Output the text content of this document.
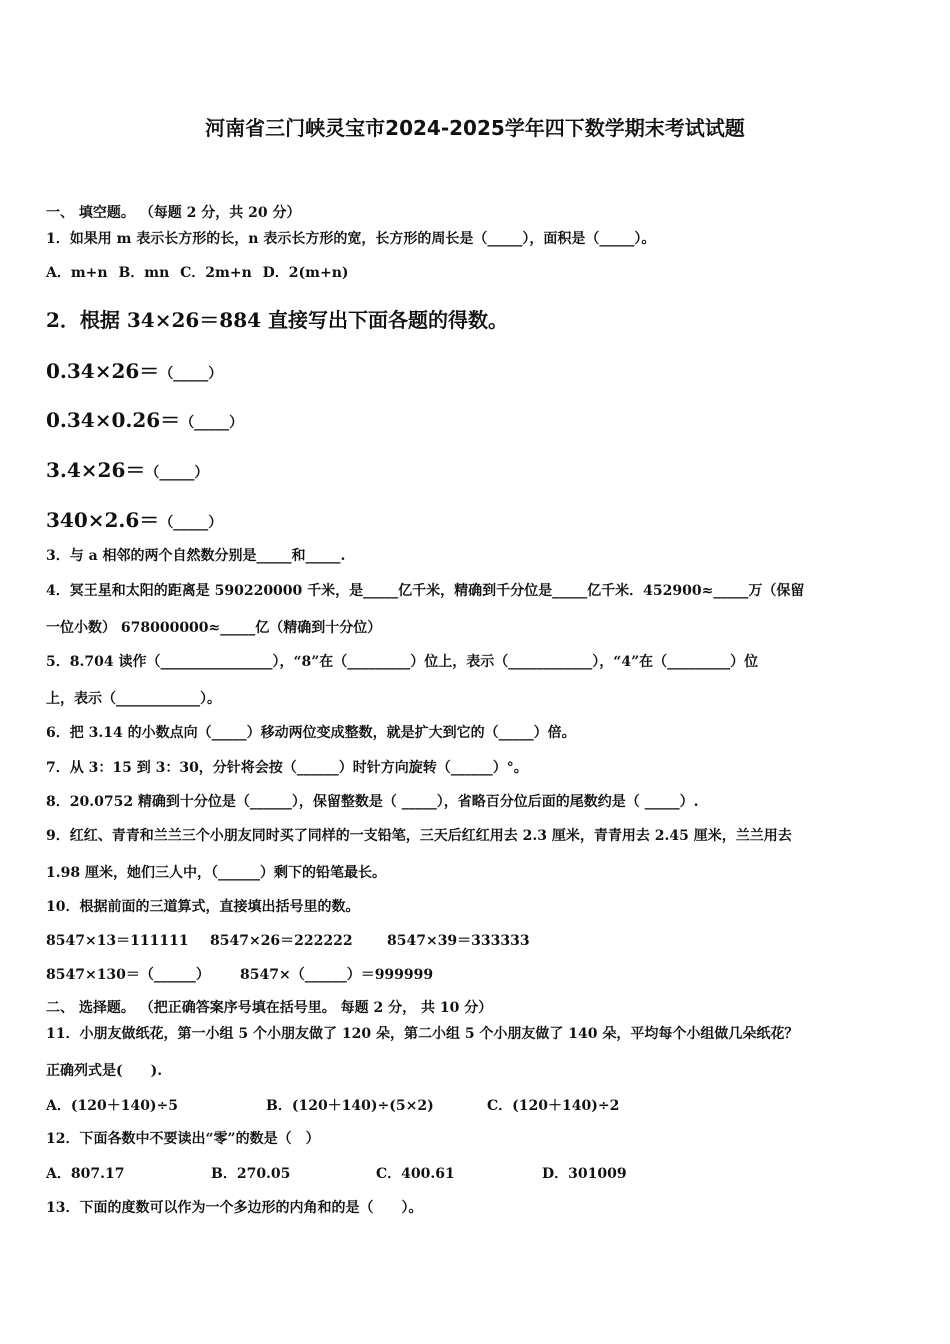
河南省三门峡灵宝市2024-2025学年四下数学期末考试试题
一、 填空题。 （每题 2 分，共 20 分）
1．如果用 m 表示长方形的长，n 表示长方形的宽，长方形的周长是（_____），面积是（_____）。
A．m+n B．mn C．2m+n D．2(m+n)
2．根据 34×26＝884 直接写出下面各题的得数。
0.34×26＝（_____）
0.34×0.26＝（_____）
3.4×26＝（_____）
340×2.6＝（_____）
3．与 a 相邻的两个自然数分别是_____和_____.
4．冥王星和太阳的距离是 590220000 千米，是_____亿千米，精确到千分位是_____亿千米．452900≈_____万（保留
一位小数） 678000000≈_____亿（精确到十分位）
5．8.704 读作（________________），“8”在（_________）位上，表示（____________），“4”在（_________）位
上，表示（____________）。
6．把 3.14 的小数点向（_____）移动两位变成整数，就是扩大到它的（_____）倍。
7．从 3：15 到 3：30，分针将会按（______）时针方向旋转（______）°。
8．20.0752 精确到十分位是（______），保留整数是（ _____），省略百分位后面的尾数约是（ _____）.
9．红红、青青和兰兰三个小朋友同时买了同样的一支铅笔，三天后红红用去 2.3 厘米，青青用去 2.45 厘米，兰兰用去
1.98 厘米，她们三人中，（______）剩下的铅笔最长。
10．根据前面的三道算式，直接填出括号里的数。
8547×13＝111111 8547×26＝222222 8547×39＝333333
8547×130＝（______） 8547×（______）＝999999
二、 选择题。 （把正确答案序号填在括号里。 每题 2 分， 共 10 分）
11．小朋友做纸花，第一小组 5 个小朋友做了 120 朵，第二小组 5 个小朋友做了 140 朵，平均每个小组做几朵纸花？
正确列式是(　　).
A．(120＋140)÷5	B．(120＋140)÷(5×2)	C．(120＋140)÷2
12．下面各数中不要读出“零”的数是（　）
A．807.17	B．270.05	C．400.61	D．301009
13．下面的度数可以作为一个多边形的内角和的是（　　）。
